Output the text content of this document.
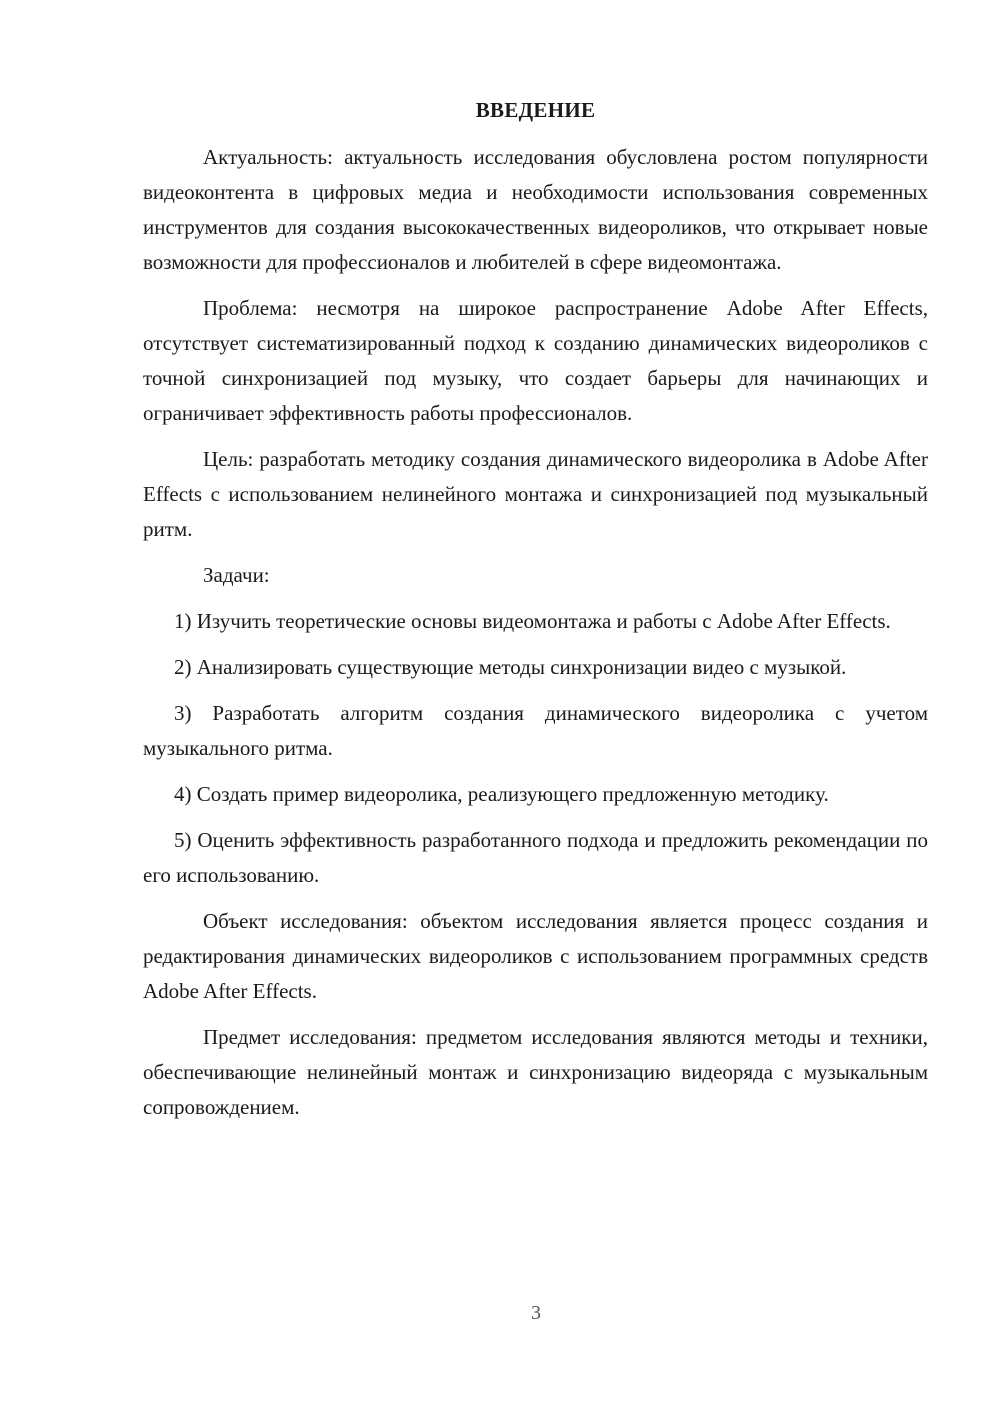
ВВЕДЕНИЕ

Актуальность: актуальность исследования обусловлена ростом популярности видеоконтента в цифровых медиа и необходимости использования современных инструментов для создания высококачественных видеороликов, что открывает новые возможности для профессионалов и любителей в сфере видеомонтажа.

Проблема: несмотря на широкое распространение Adobe After Effects, отсутствует систематизированный подход к созданию динамических видеороликов с точной синхронизацией под музыку, что создает барьеры для начинающих и ограничивает эффективность работы профессионалов.

Цель: разработать методику создания динамического видеоролика в Adobe After Effects с использованием нелинейного монтажа и синхронизацией под музыкальный ритм.

Задачи:

1) Изучить теоретические основы видеомонтажа и работы с Adobe After Effects.

2) Анализировать существующие методы синхронизации видео с музыкой.

3) Разработать алгоритм создания динамического видеоролика с учетом музыкального ритма.

4) Создать пример видеоролика, реализующего предложенную методику.

5) Оценить эффективность разработанного подхода и предложить рекомендации по его использованию.

Объект исследования: объектом исследования является процесс создания и редактирования динамических видеороликов с использованием программных средств Adobe After Effects.

Предмет исследования: предметом исследования являются методы и техники, обеспечивающие нелинейный монтаж и синхронизацию видеоряда с музыкальным сопровождением.

3
